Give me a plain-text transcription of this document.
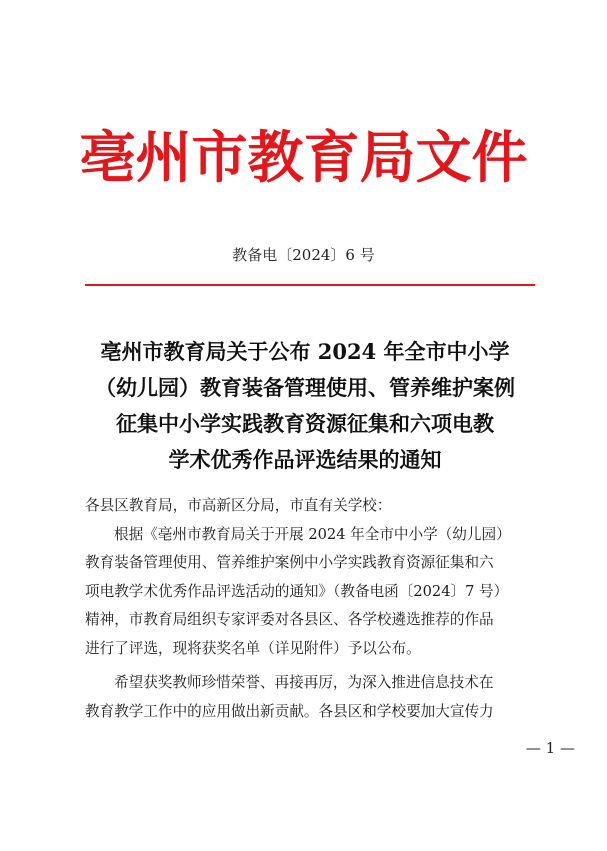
亳州市教育局文件
教备电〔2024〕6 号
亳州市教育局关于公布 2024 年全市中小学
（幼儿园）教育装备管理使用、管养维护案例
征集中小学实践教育资源征集和六项电教
学术优秀作品评选结果的通知
各县区教育局，市高新区分局，市直有关学校：
根据《亳州市教育局关于开展 2024 年全市中小学（幼儿园）
教育装备管理使用、管养维护案例中小学实践教育资源征集和六
项电教学术优秀作品评选活动的通知》（教备电函〔2024〕7 号）
精神，市教育局组织专家评委对各县区、各学校遴选推荐的作品
进行了评选，现将获奖名单（详见附件）予以公布。
希望获奖教师珍惜荣誉、再接再厉，为深入推进信息技术在
教育教学工作中的应用做出新贡献。各县区和学校要加大宣传力
— 1 —
